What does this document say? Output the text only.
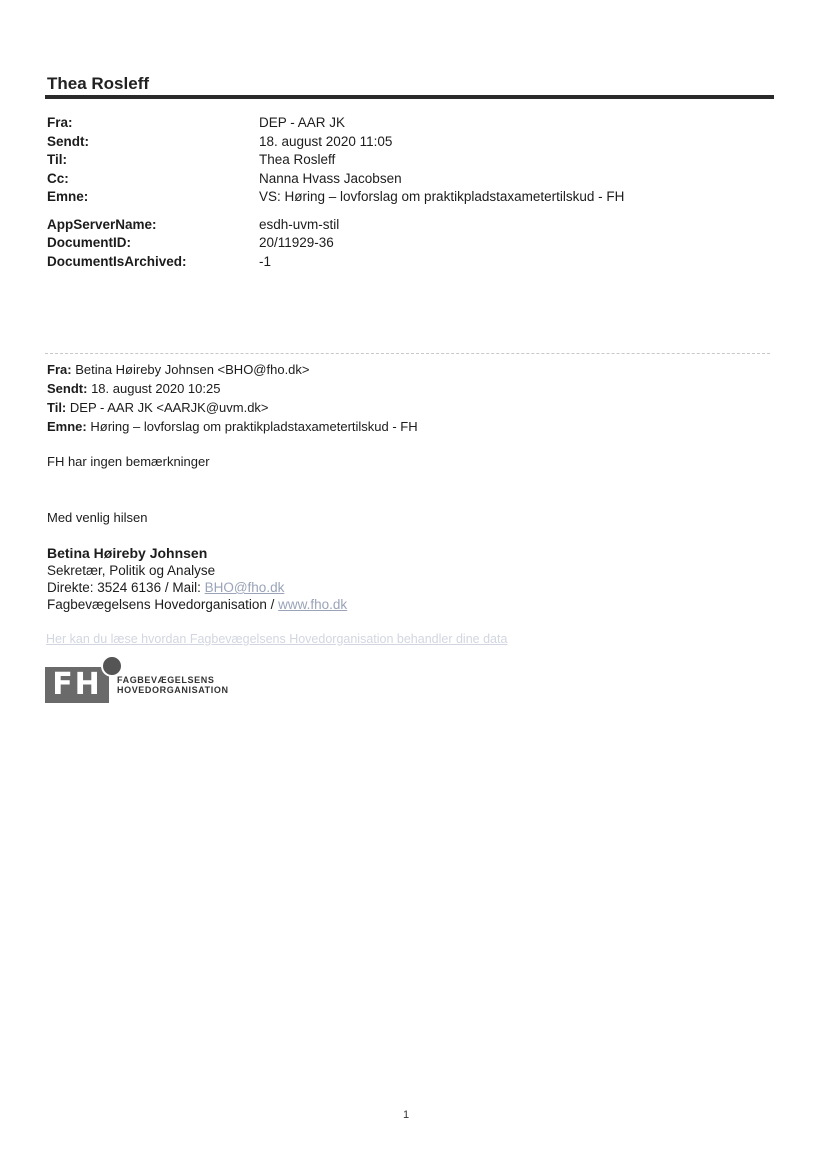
Thea Rosleff
Fra:	DEP - AAR JK
Sendt:	18. august 2020 11:05
Til:	Thea Rosleff
Cc:	Nanna Hvass Jacobsen
Emne:	VS: Høring – lovforslag om praktikpladstaxametertilskud - FH
AppServerName:	esdh-uvm-stil
DocumentID:	20/11929-36
DocumentIsArchived:	-1
Fra: Betina Høireby Johnsen <BHO@fho.dk>
Sendt: 18. august 2020 10:25
Til: DEP - AAR JK <AARJK@uvm.dk>
Emne: Høring – lovforslag om praktikpladstaxametertilskud - FH
FH har ingen bemærkninger
Med venlig hilsen
Betina Høireby Johnsen
Sekretær, Politik og Analyse
Direkte: 3524 6136 / Mail: BHO@fho.dk
Fagbevægelsens Hovedorganisation / www.fho.dk
Her kan du læse hvordan Fagbevægelsens Hovedorganisation behandler dine data
FH	FAGBEVÆGELSENS
HOVEDORGANISATION
1
